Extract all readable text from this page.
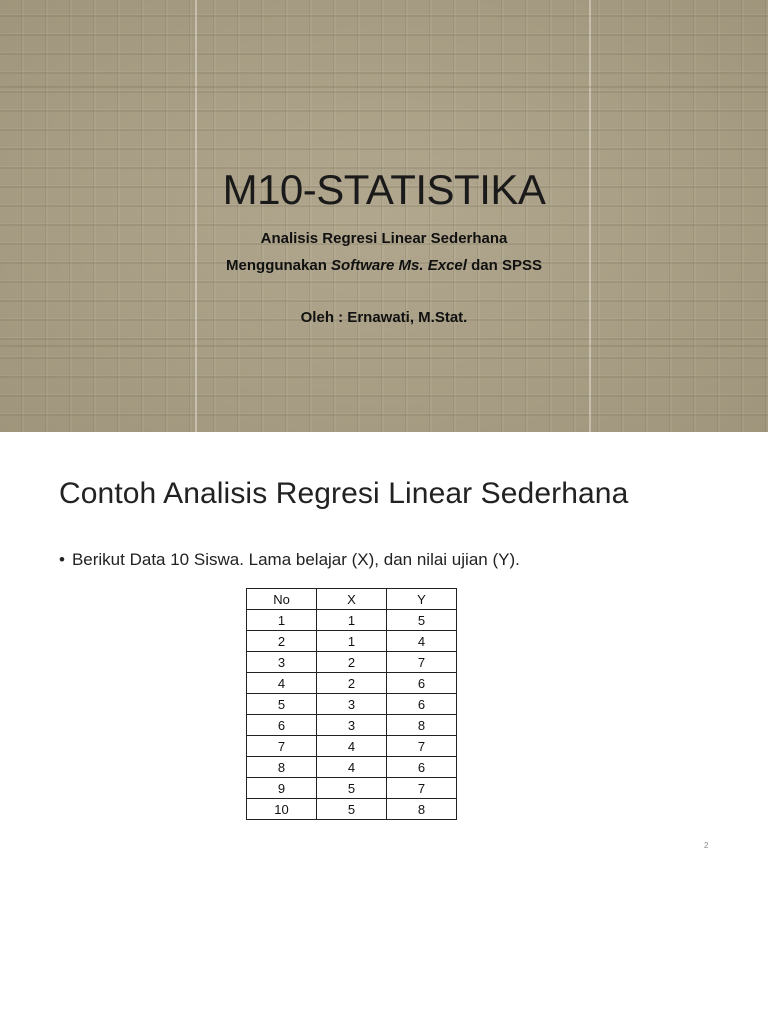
M10-STATISTIKA
Analisis Regresi Linear Sederhana
Menggunakan Software Ms. Excel dan SPSS
Oleh : Ernawati, M.Stat.
Contoh Analisis Regresi Linear Sederhana
• Berikut Data 10 Siswa. Lama belajar (X), dan nilai ujian (Y).
No	X	Y
1	1	5
2	1	4
3	2	7
4	2	6
5	3	6
6	3	8
7	4	7
8	4	6
9	5	7
10	5	8
2
